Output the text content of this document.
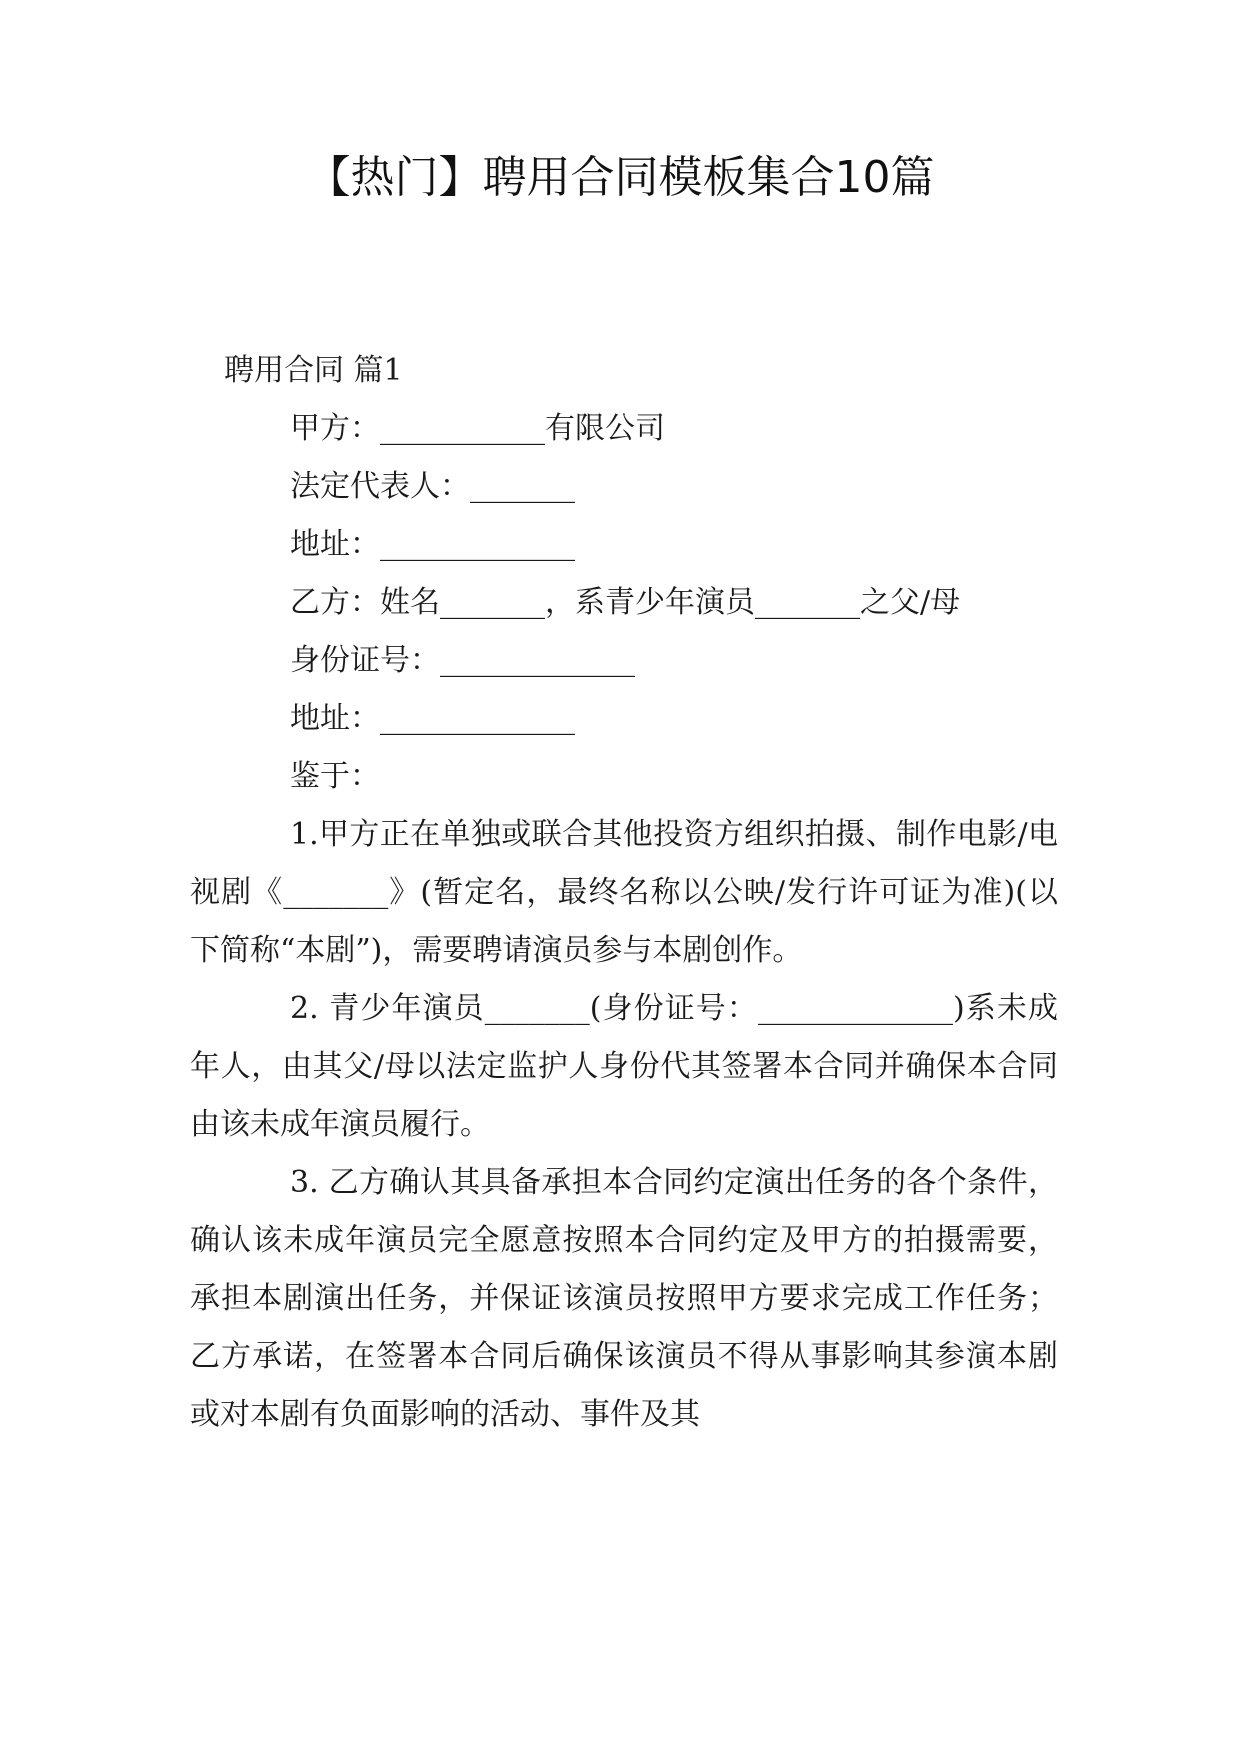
【热门】聘用合同模板集合10篇

聘用合同 篇1

甲方：___________有限公司

法定代表人：_______

地址：_____________

乙方：姓名_______，系青少年演员_______之父/母

身份证号：_____________

地址：_____________

鉴于：

1.甲方正在单独或联合其他投资方组织拍摄、制作电影/电视剧《_______》(暂定名，最终名称以公映/发行许可证为准)(以下简称“本剧”)，需要聘请演员参与本剧创作。

2. 青少年演员_______(身份证号：_____________)系未成年人，由其父/母以法定监护人身份代其签署本合同并确保本合同由该未成年演员履行。

3. 乙方确认其具备承担本合同约定演出任务的各个条件，确认该未成年演员完全愿意按照本合同约定及甲方的拍摄需要，承担本剧演出任务，并保证该演员按照甲方要求完成工作任务；乙方承诺，在签署本合同后确保该演员不得从事影响其参演本剧或对本剧有负面影响的活动、事件及其
